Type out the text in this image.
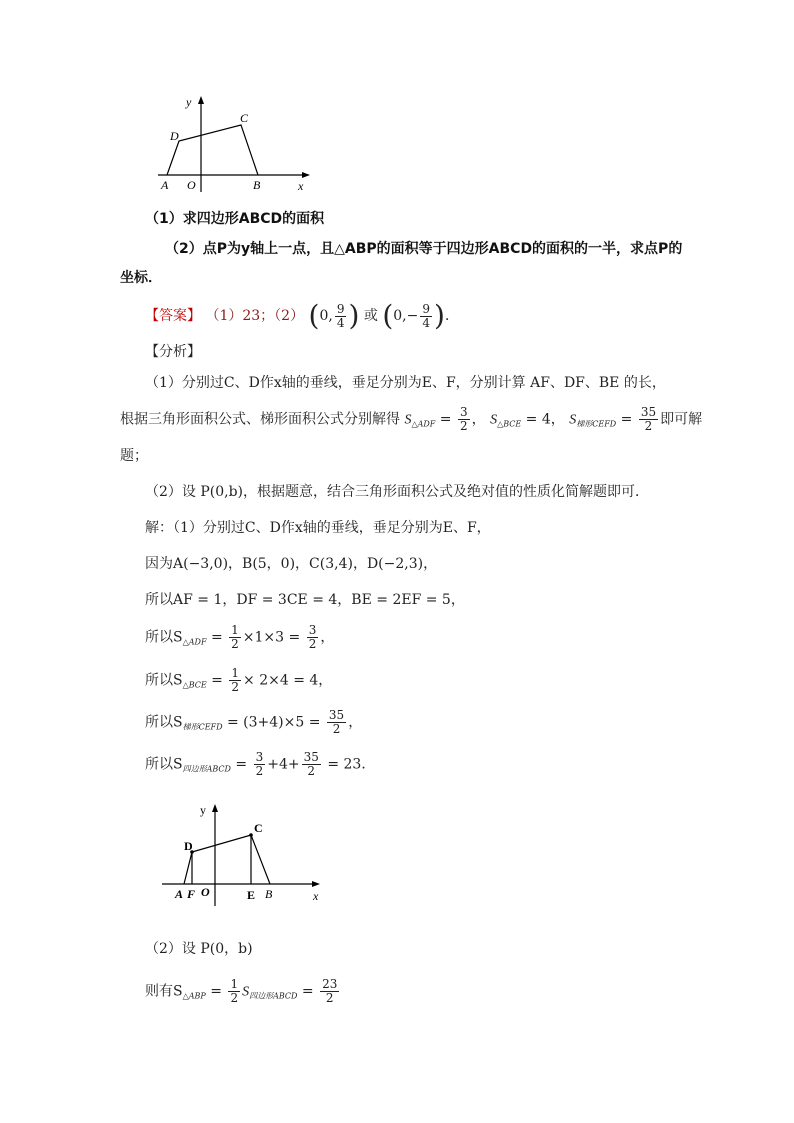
y
x
D
C
A O	B
（1）求四边形ABCD的面积
（2）点P为y轴上一点，且△ABP的面积等于四边形ABCD的面积的一半，求点P的
坐标．
【答案】 （1）23；（2） (0, $\frac{9}{4}$ ) 或 ($0,- \frac{9}{4}$ )．
【分析】
（1）分别过C、D作x轴的垂线，垂足分别为E、F，分别计算 AF、DF、BE 的长，
根据三角形面积公式、梯形面积公式分别解得 $S_{\triangle ADF} = \frac{3}{2}$ ， $S_{\triangle BCE} = 4$， $S_{梯形CEFD} = \frac{35}{2}$ 即可解
题；
（2）设 P(0,b)，根据题意，结合三角形面积公式及绝对值的性质化简解题即可．
解：（1）分别过C、D作x轴的垂线，垂足分别为E、F，
因为A(−3,0)，B(5，0)，C(3,4)，D(−2,3)，
所以AF = 1，DF = 3CE = 4，BE = 2EF = 5，
所以$S_{\triangle ADF} = \frac{1}{2} \times 1\times 3 = \frac{3}{2}$ ，
所以$S_{\triangle BCE} = \frac{1}{2} \times 2\times 4 = 4$，
所以$S_{梯形CEFD} = (3+4)\times 5 = \frac{35}{2}$ ，
所以$S_{四边形ABCD} = \frac{3}{2} +4+ \frac{35}{2} = 23$．
y
x
D
C
A F O	E B
（2）设 P(0，b)
则有$S_{\triangle ABP} = \frac{1}{2} S_{四边形ABCD} = \frac{23}{2}$
